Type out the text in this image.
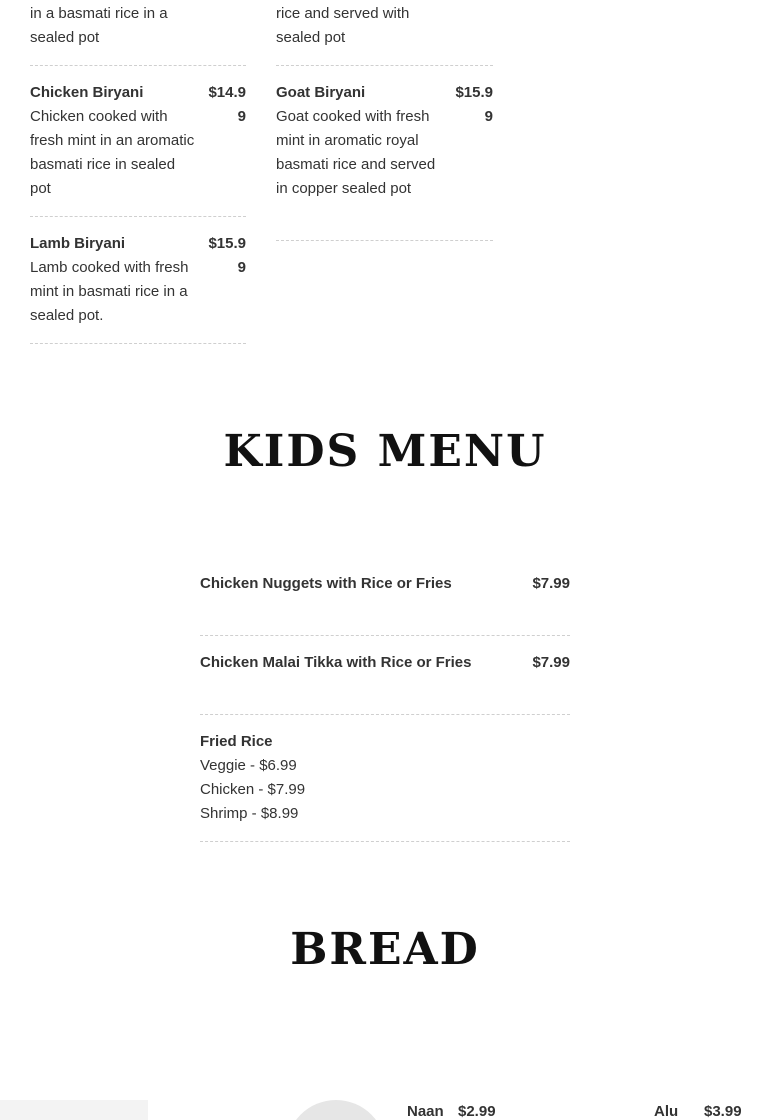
in a basmati rice in a
sealed pot
rice and served with
sealed pot
Chicken Biryani	$14.99
Chicken cooked with fresh mint in an aromatic basmati rice in sealed pot
Goat Biryani	$15.99
Goat cooked with fresh mint in aromatic royal basmati rice and served in copper sealed pot
Lamb Biryani	$15.99
Lamb cooked with fresh mint in basmati rice in a sealed pot.
KIDS MENU
Chicken Nuggets with Rice or Fries	$7.99
Chicken Malai Tikka with Rice or Fries	$7.99
Fried Rice
Veggie - $6.99
Chicken - $7.99
Shrimp - $8.99
BREAD
Naan $2.99	Alu $3.99
